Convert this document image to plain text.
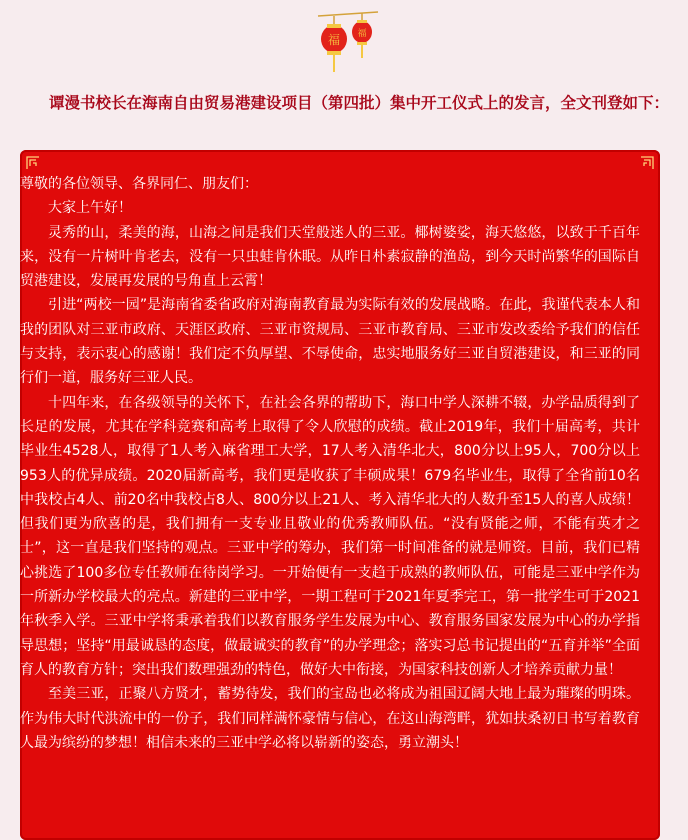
福 福

谭漫书校长在海南自由贸易港建设项目（第四批）集中开工仪式上的发言，全文刊登如下：

尊敬的各位领导、各界同仁、朋友们：

大家上午好！

灵秀的山，柔美的海，山海之间是我们天堂般迷人的三亚。椰树婆娑，海天悠悠，以致于千百年来，没有一片树叶肯老去，没有一只虫蛙肯休眠。从昨日朴素寂静的渔岛，到今天时尚繁华的国际自贸港建设，发展再发展的号角直上云霄！

引进“两校一园”是海南省委省政府对海南教育最为实际有效的发展战略。在此，我谨代表本人和我的团队对三亚市政府、天涯区政府、三亚市资规局、三亚市教育局、三亚市发改委给予我们的信任与支持，表示衷心的感谢！我们定不负厚望、不辱使命，忠实地服务好三亚自贸港建设，和三亚的同行们一道，服务好三亚人民。

十四年来，在各级领导的关怀下，在社会各界的帮助下，海口中学人深耕不辍，办学品质得到了长足的发展，尤其在学科竞赛和高考上取得了令人欣慰的成绩。截止2019年，我们十届高考，共计毕业生4528人，取得了1人考入麻省理工大学，17人考入清华北大，800分以上95人，700分以上953人的优异成绩。2020届新高考，我们更是收获了丰硕成果！679名毕业生，取得了全省前10名中我校占4人、前20名中我校占8人、800分以上21人、考入清华北大的人数升至15人的喜人成绩！但我们更为欣喜的是，我们拥有一支专业且敬业的优秀教师队伍。“没有贤能之师，不能有英才之士”，这一直是我们坚持的观点。三亚中学的筹办，我们第一时间准备的就是师资。目前，我们已精心挑选了100多位专任教师在待岗学习。一开始便有一支趋于成熟的教师队伍，可能是三亚中学作为一所新办学校最大的亮点。新建的三亚中学，一期工程可于2021年夏季完工，第一批学生可于2021年秋季入学。三亚中学将秉承着我们以教育服务学生发展为中心、教育服务国家发展为中心的办学指导思想；坚持“用最诚恳的态度，做最诚实的教育”的办学理念；落实习总书记提出的“五育并举”全面育人的教育方针；突出我们数理强劲的特色，做好大中衔接，为国家科技创新人才培养贡献力量！

至美三亚，正聚八方贤才，蓄势待发，我们的宝岛也必将成为祖国辽阔大地上最为璀璨的明珠。作为伟大时代洪流中的一份子，我们同样满怀豪情与信心，在这山海湾畔，犹如扶桑初日书写着教育人最为缤纷的梦想！相信未来的三亚中学必将以崭新的姿态，勇立潮头！
